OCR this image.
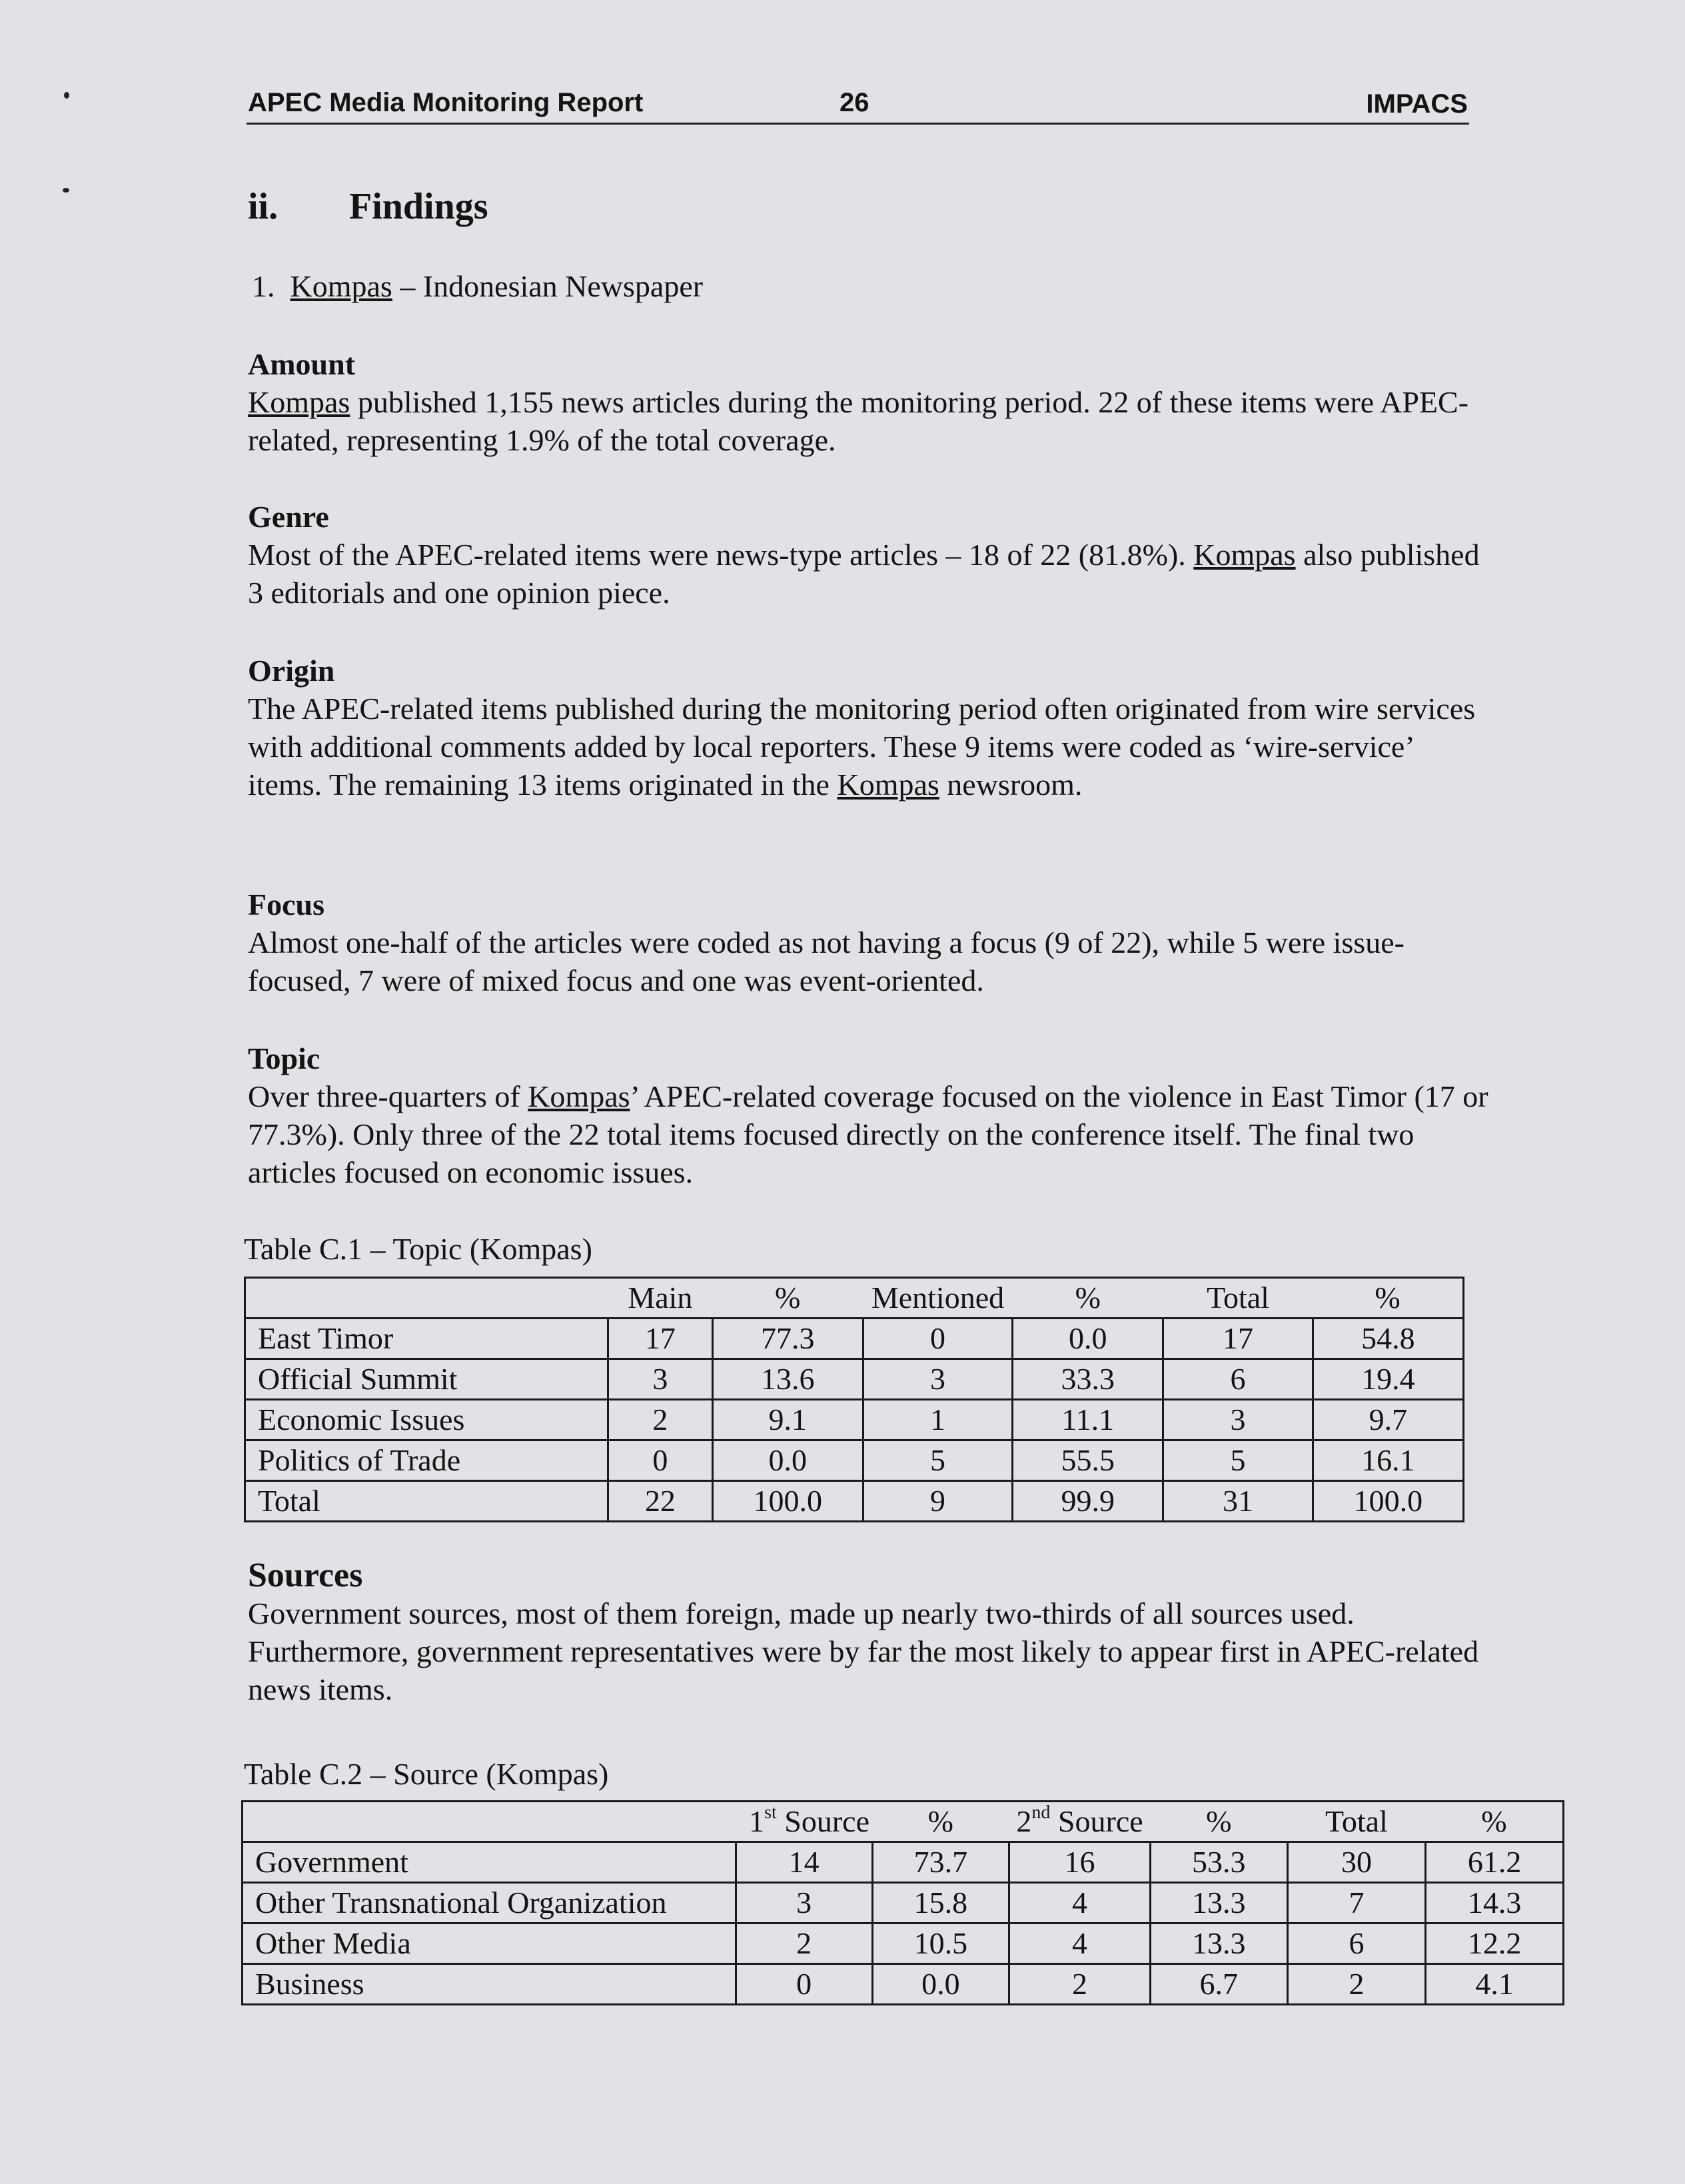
APEC Media Monitoring Report	26	IMPACS
ii. Findings
1. Kompas – Indonesian Newspaper
Amount
Kompas published 1,155 news articles during the monitoring period. 22 of these items were APEC-related, representing 1.9% of the total coverage.
Genre
Most of the APEC-related items were news-type articles – 18 of 22 (81.8%). Kompas also published 3 editorials and one opinion piece.
Origin
The APEC-related items published during the monitoring period often originated from wire services with additional comments added by local reporters. These 9 items were coded as ‘wire-service’ items. The remaining 13 items originated in the Kompas newsroom.
Focus
Almost one-half of the articles were coded as not having a focus (9 of 22), while 5 were issue-focused, 7 were of mixed focus and one was event-oriented.
Topic
Over three-quarters of Kompas’ APEC-related coverage focused on the violence in East Timor (17 or 77.3%). Only three of the 22 total items focused directly on the conference itself. The final two articles focused on economic issues.
Table C.1 – Topic (Kompas)
	Main	%	Mentioned	%	Total	%
East Timor	17	77.3	0	0.0	17	54.8
Official Summit	3	13.6	3	33.3	6	19.4
Economic Issues	2	9.1	1	11.1	3	9.7
Politics of Trade	0	0.0	5	55.5	5	16.1
Total	22	100.0	9	99.9	31	100.0
Sources
Government sources, most of them foreign, made up nearly two-thirds of all sources used. Furthermore, government representatives were by far the most likely to appear first in APEC-related news items.
Table C.2 – Source (Kompas)
	1st Source	%	2nd Source	%	Total	%
Government	14	73.7	16	53.3	30	61.2
Other Transnational Organization	3	15.8	4	13.3	7	14.3
Other Media	2	10.5	4	13.3	6	12.2
Business	0	0.0	2	6.7	2	4.1
